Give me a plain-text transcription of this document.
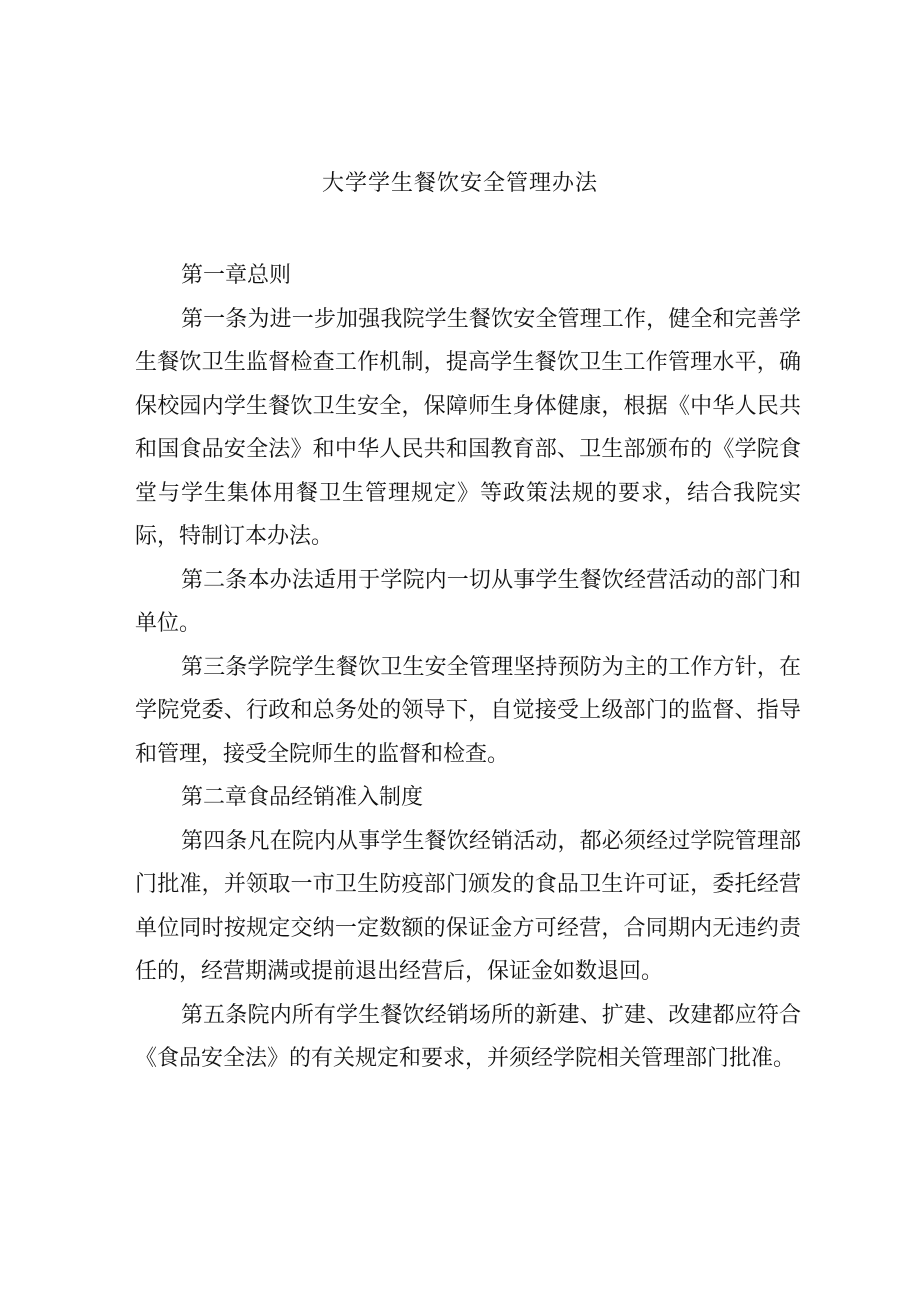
大学学生餐饮安全管理办法

第一章总则

第一条为进一步加强我院学生餐饮安全管理工作，健全和完善学生餐饮卫生监督检查工作机制，提高学生餐饮卫生工作管理水平，确保校园内学生餐饮卫生安全，保障师生身体健康，根据《中华人民共和国食品安全法》和中华人民共和国教育部、卫生部颁布的《学院食堂与学生集体用餐卫生管理规定》等政策法规的要求，结合我院实际，特制订本办法。

第二条本办法适用于学院内一切从事学生餐饮经营活动的部门和单位。

第三条学院学生餐饮卫生安全管理坚持预防为主的工作方针，在学院党委、行政和总务处的领导下，自觉接受上级部门的监督、指导和管理，接受全院师生的监督和检查。

第二章食品经销准入制度

第四条凡在院内从事学生餐饮经销活动，都必须经过学院管理部门批准，并领取一市卫生防疫部门颁发的食品卫生许可证，委托经营单位同时按规定交纳一定数额的保证金方可经营，合同期内无违约责任的，经营期满或提前退出经营后，保证金如数退回。

第五条院内所有学生餐饮经销场所的新建、扩建、改建都应符合《食品安全法》的有关规定和要求，并须经学院相关管理部门批准。
